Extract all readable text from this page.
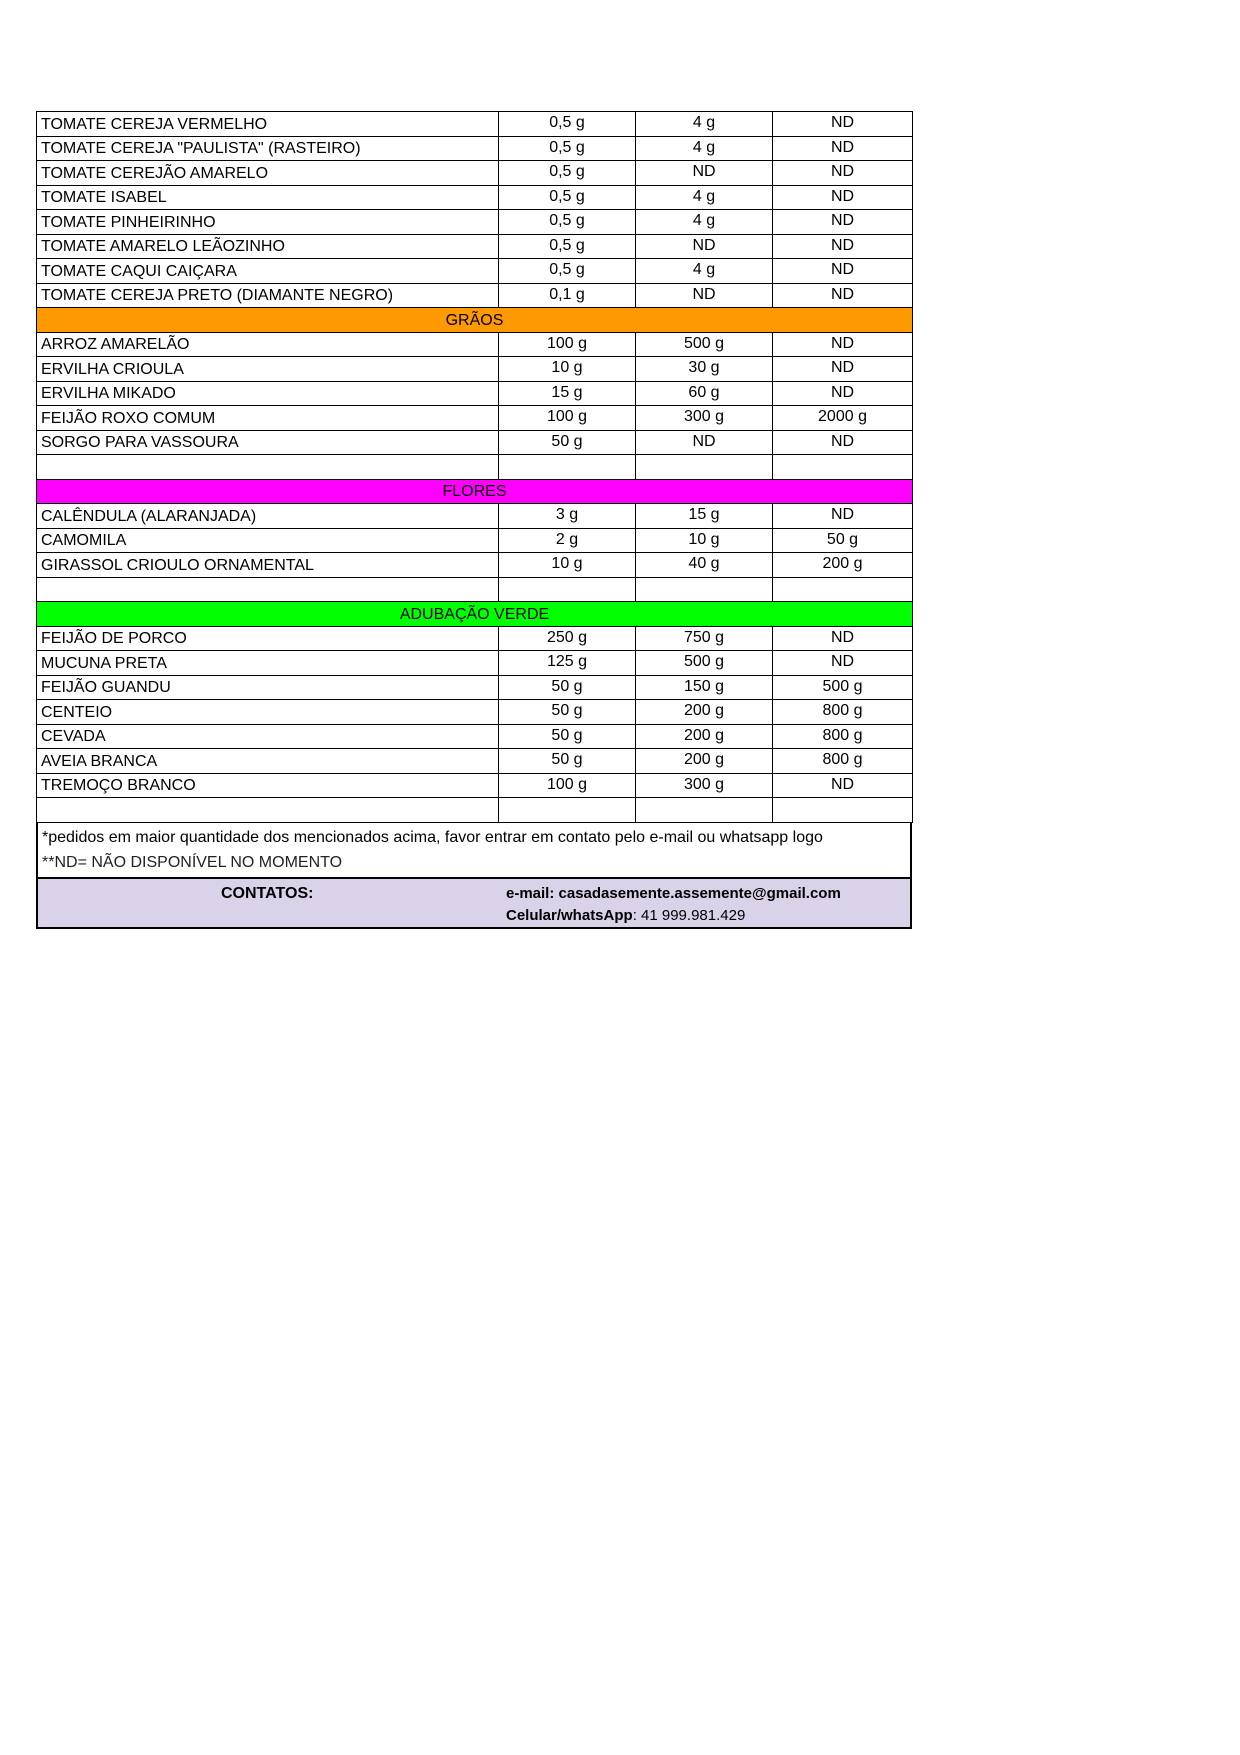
TOMATE CEREJA VERMELHO	0,5 g	4 g	ND
TOMATE CEREJA "PAULISTA" (RASTEIRO)	0,5 g	4 g	ND
TOMATE CEREJÃO AMARELO	0,5 g	ND	ND
TOMATE ISABEL	0,5 g	4 g	ND
TOMATE PINHEIRINHO	0,5 g	4 g	ND
TOMATE AMARELO LEÃOZINHO	0,5 g	ND	ND
TOMATE CAQUI CAIÇARA	0,5 g	4 g	ND
TOMATE CEREJA PRETO (DIAMANTE NEGRO)	0,1 g	ND	ND
GRÃOS			
ARROZ AMARELÃO	100 g	500 g	ND
ERVILHA CRIOULA	10 g	30 g	ND
ERVILHA MIKADO	15 g	60 g	ND
FEIJÃO ROXO COMUM	100 g	300 g	2000 g
SORGO PARA VASSOURA	50 g	ND	ND

FLORES			
CALÊNDULA (ALARANJADA)	3 g	15 g	ND
CAMOMILA	2 g	10 g	50 g
GIRASSOL CRIOULO ORNAMENTAL	10 g	40 g	200 g

ADUBAÇÃO VERDE			
FEIJÃO DE PORCO	250 g	750 g	ND
MUCUNA PRETA	125 g	500 g	ND
FEIJÃO GUANDU	50 g	150 g	500 g
CENTEIO	50 g	200 g	800 g
CEVADA	50 g	200 g	800 g
AVEIA BRANCA	50 g	200 g	800 g
TREMOÇO BRANCO	100 g	300 g	ND

*pedidos em maior quantidade dos mencionados acima, favor entrar em contato pelo e-mail ou whatsapp logo
**ND= NÃO DISPONÍVEL NO MOMENTO
CONTATOS:	e-mail: casadasemente.assemente@gmail.com
Celular/whatsApp: 41 999.981.429
